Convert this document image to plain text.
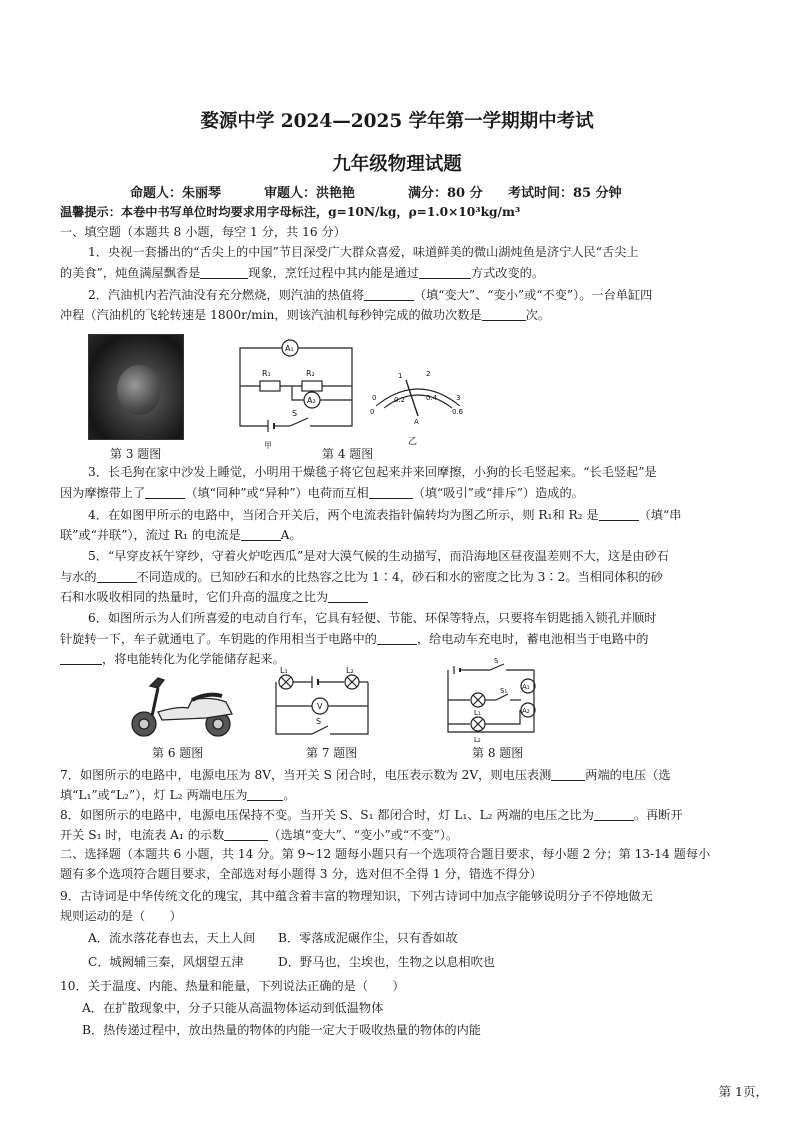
婺源中学 2024—2025 学年第一学期期中考试
九年级物理试题
命题人：朱丽琴	审题人：洪艳艳	满分：80 分 考试时间：85 分钟
温馨提示：本卷中书写单位时均要求用字母标注，g=10N/kg，ρ=1.0×10³kg/m³
一、填空题（本题共 8 小题，每空 1 分，共 16 分）
1．央视一套播出的“舌尖上的中国”节目深受广大群众喜爱，味道鲜美的微山湖炖鱼是济宁人民“舌尖上
的美食”，炖鱼满屋飘香是	现象，烹饪过程中其内能是通过	方式改变的。
2．汽油机内若汽油没有充分燃烧，则汽油的热值将	（填“变大”、“变小”或“不变”）。一台单缸四
冲程（汽油机的飞轮转速是 1800r/min，则该汽油机每秒钟完成的做功次数是	次。
第 3 题图
A₁
A₂
R₁	R₂
S
甲
0
1	2
3
0
0.2	0.4
0.6
A
乙
第 4 题图
3．长毛狗在家中沙发上睡觉，小明用干燥毯子将它包起来并来回摩擦，小狗的长毛竖起来。“长毛竖起”是
因为摩擦带上了	（填“同种”或“异种”）电荷而互相	（填“吸引”或“排斥”）造成的。
4．在如图甲所示的电路中，当闭合开关后，两个电流表指针偏转均为图乙所示，则 R₁和 R₂ 是	（填“串
联”或“并联”），流过 R₁ 的电流是	A。
5．“早穿皮袄午穿纱，守着火炉吃西瓜”是对大漠气候的生动描写，而沿海地区昼夜温差则不大，这是由砂石
与水的	不同造成的。已知砂石和水的比热容之比为 1∶4，砂石和水的密度之比为 3∶2。当相同体积的砂
石和水吸收相同的热量时，它们升高的温度之比为
6．如图所示为人们所喜爱的电动自行车，它具有轻便、节能、环保等特点，只要将车钥匙插入锁孔并顺时
针旋转一下，车子就通电了。车钥匙的作用相当于电路中的	，给电动车充电时，蓄电池相当于电路中的
，将电能转化为化学能储存起来。
第 6 题图
L₁	L₂
V
S
第 7 题图
S
A₁
A₂
S₁
L₁
L₂
第 8 题图
7．如图所示的电路中，电源电压为 8V，当开关 S 闭合时，电压表示数为 2V，则电压表测	两端的电压（选
填“L₁”或“L₂”），灯 L₂ 两端电压为	。
8．如图所示的电路中，电源电压保持不变。当开关 S、S₁ 都闭合时，灯 L₁、L₂ 两端的电压之比为	。再断开
开关 S₁ 时，电流表 A₁ 的示数	（选填“变大”、“变小”或“不变”）。
二、选择题（本题共 6 小题，共 14 分。第 9~12 题每小题只有一个选项符合题目要求，每小题 2 分；第 13-14 题每小
题有多个选项符合题目要求，全部选对每小题得 3 分，选对但不全得 1 分，错选不得分）
9．古诗词是中华传统文化的瑰宝，其中蕴含着丰富的物理知识，下列古诗词中加点字能够说明分子不停地做无
规则运动的是（　　）
A．流水落花春也去，天上人间 B．零落成泥碾作尘，只有香如故
C．城阙辅三秦，风烟望五津	D．野马也，尘埃也，生物之以息相吹也
10．关于温度、内能、热量和能量，下列说法正确的是（　　）
A．在扩散现象中，分子只能从高温物体运动到低温物体
B．热传递过程中，放出热量的物体的内能一定大于吸收热量的物体的内能
第 1页，
